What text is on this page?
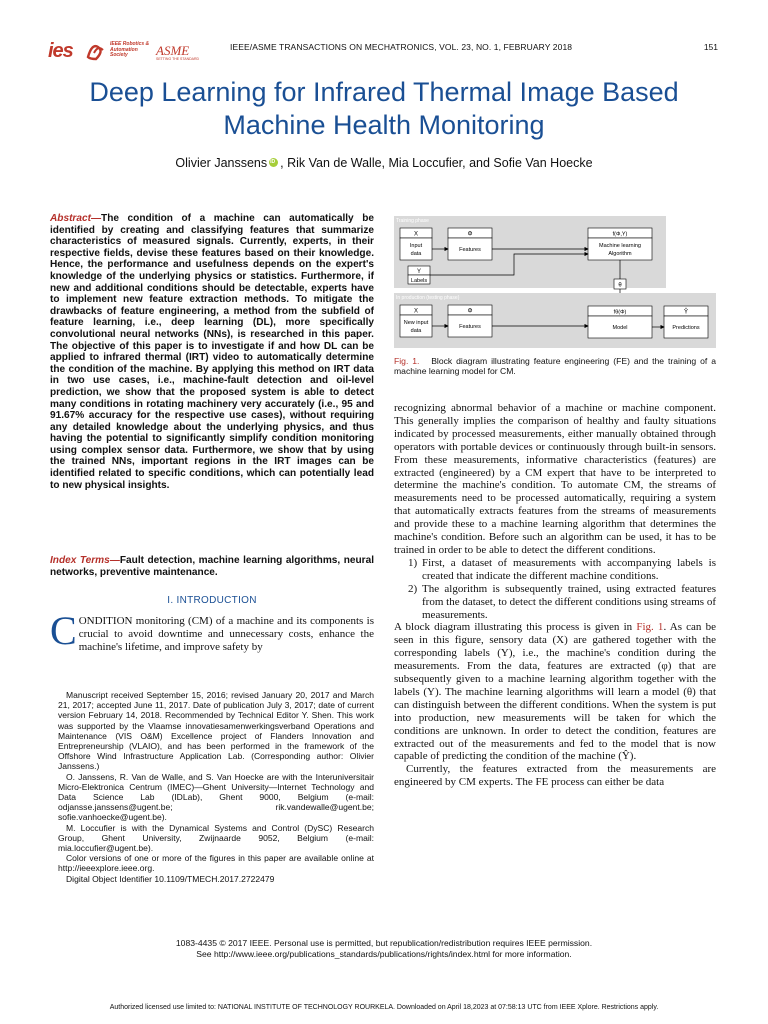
ies	IEEE Robotics & Automation Society	ASME
SETTING THE STANDARD
IEEE/ASME TRANSACTIONS ON MECHATRONICS, VOL. 23, NO. 1, FEBRUARY 2018	151
Deep Learning for Infrared Thermal Image Based Machine Health Monitoring
Olivier JanssensiD , Rik Van de Walle, Mia Loccufier, and Sofie Van Hoecke
Abstract—The condition of a machine can automatically be identified by creating and classifying features that summarize characteristics of measured signals. Currently, experts, in their respective fields, devise these features based on their knowledge. Hence, the performance and usefulness depends on the expert's knowledge of the underlying physics or statistics. Furthermore, if new and additional conditions should be detectable, experts have to implement new feature extraction methods. To mitigate the drawbacks of feature engineering, a method from the subfield of feature learning, i.e., deep learning (DL), more specifically convolutional neural networks (NNs), is researched in this paper. The objective of this paper is to investigate if and how DL can be applied to infrared thermal (IRT) video to automatically determine the condition of the machine. By applying this method on IRT data in two use cases, i.e., machine-fault detection and oil-level prediction, we show that the proposed system is able to detect many conditions in rotating machinery very accurately (i.e., 95 and 91.67% accuracy for the respective use cases), without requiring any detailed knowledge about the underlying physics, and thus having the potential to significantly simplify condition monitoring using complex sensor data. Furthermore, we show that by using the trained NNs, important regions in the IRT images can be identified related to specific conditions, which can potentially lead to new physical insights.
Index Terms—Fault detection, machine learning algorithms, neural networks, preventive maintenance.
I. INTRODUCTION
CONDITION monitoring (CM) of a machine and its components is crucial to avoid downtime and unnecessary costs, enhance the machine's lifetime, and improve safety by

Manuscript received September 15, 2016; revised January 20, 2017 and March 21, 2017; accepted June 11, 2017. Date of publication July 3, 2017; date of current version February 14, 2018. Recommended by Technical Editor Y. Shen. This work was supported by the Vlaamse innovatiesamenwerkingsverband Operations and Maintenance (VIS O&M) Excellence project of Flanders Innovation and Entrepreneurship (VLAIO), and has been performed in the framework of the Offshore Wind Infrastructure Application Lab. (Corresponding author: Olivier Janssens.)

O. Janssens, R. Van de Walle, and S. Van Hoecke are with the Interuniversitair Micro-Elektronica Centrum (IMEC)—Ghent University—Internet Technology and Data Science Lab (IDLab), Ghent 9000, Belgium (e-mail: odjansse.janssens@ugent.be; rik.vandewalle@ugent.be; sofie.vanhoecke@ugent.be).

M. Loccufier is with the Dynamical Systems and Control (DySC) Research Group, Ghent University, Zwijnaarde 9052, Belgium (e-mail: mia.loccufier@ugent.be).

Color versions of one or more of the figures in this paper are available online at http://ieeexplore.ieee.org.

Digital Object Identifier 10.1109/TMECH.2017.2722479

Training phase
X
Input
data
Φ
Features
f(Φ,Y)
Machine learning
Algorithm
Y
Labels
θ
In production (testing phase)
X
New input
data
Φ
Features
fθ(Φ)
Model
Ŷ
Predictions
Fig. 1. Block diagram illustrating feature engineering (FE) and the training of a machine learning model for CM.

recognizing abnormal behavior of a machine or machine component. This generally implies the comparison of healthy and faulty situations indicated by processed measurements, either manually obtained through operators with portable devices or continuously through built-in sensors. From these measurements, informative characteristics (features) are extracted (engineered) by a CM expert that have to be interpreted to determine the machine's condition. To automate CM, the streams of measurements need to be processed automatically, requiring a system that automatically extracts features from the streams of measurements and provide these to a machine learning algorithm that determines the machine's condition. Before such an algorithm can be used, it has to be trained in order to be able to detect the different conditions.

1) First, a dataset of measurements with accompanying labels is created that indicate the different machine conditions.
2) The algorithm is subsequently trained, using extracted features from the dataset, to detect the different conditions using streams of measurements.

A block diagram illustrating this process is given in Fig. 1. As can be seen in this figure, sensory data (X) are gathered together with the corresponding labels (Y), i.e., the machine's condition during the measurements. From the data, features are extracted (φ) that are subsequently given to a machine learning algorithm together with the labels (Y). The machine learning algorithms will learn a model (θ) that can distinguish between the different conditions. When the system is put into production, new measurements will be taken for which the conditions are unknown. In order to detect the condition, features are extracted out of the measurements and fed to the model that is now capable of predicting the condition of the machine (Ŷ).

Currently, the features extracted from the measurements are engineered by CM experts. The FE process can either be data

1083-4435 © 2017 IEEE. Personal use is permitted, but republication/redistribution requires IEEE permission.
See http://www.ieee.org/publications_standards/publications/rights/index.html for more information.
Authorized licensed use limited to: NATIONAL INSTITUTE OF TECHNOLOGY ROURKELA. Downloaded on April 18,2023 at 07:58:13 UTC from IEEE Xplore. Restrictions apply.
